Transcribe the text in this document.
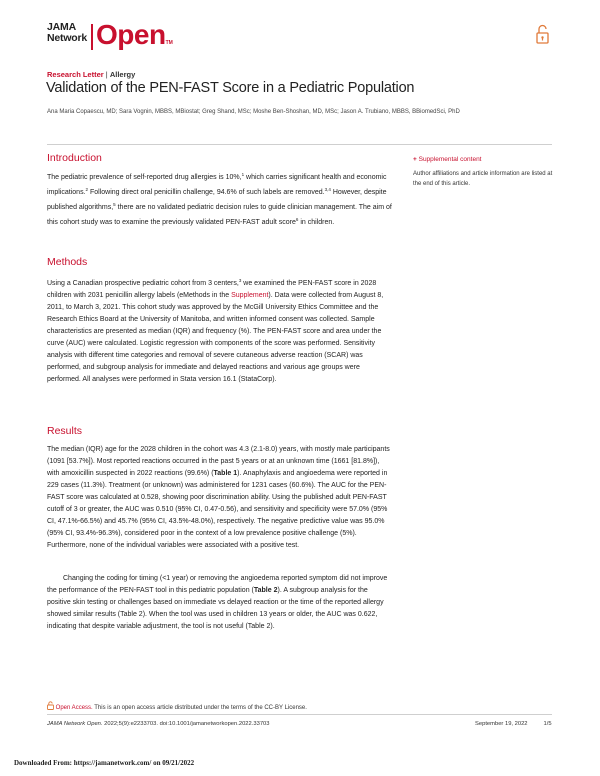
JAMA
Network OpenTM
Research Letter | Allergy
Validation of the PEN-FAST Score in a Pediatric Population
Ana Maria Copaescu, MD; Sara Vognin, MBBS, MBiostat; Greg Shand, MSc; Moshe Ben-Shoshan, MD, MSc; Jason A. Trubiano, MBBS, BBiomedSci, PhD
Introduction
The pediatric prevalence of self-reported drug allergies is 10%,$^1$ which carries significant health and economic implications.$^2$ Following direct oral penicillin challenge, 94.6% of such labels are removed.$^{3,4}$ However, despite published algorithms,$^5$ there are no validated pediatric decision rules to guide clinician management. The aim of this cohort study was to examine the previously validated PEN-FAST adult score$^6$ in children.
+ Supplemental content
Author affiliations and article information are listed at the end of this article.
Methods
Using a Canadian prospective pediatric cohort from 3 centers,$^3$ we examined the PEN-FAST score in 2028 children with 2031 penicillin allergy labels (eMethods in the Supplement). Data were collected from August 8, 2011, to March 3, 2021. This cohort study was approved by the McGill University Ethics Committee and the Research Ethics Board at the University of Manitoba, and written informed consent was collected. Sample characteristics are presented as median (IQR) and frequency (%). The PEN-FAST score and area under the curve (AUC) were calculated. Logistic regression with components of the score was performed. Sensitivity analysis with different time categories and removal of severe cutaneous adverse reaction (SCAR) was performed, and subgroup analysis for immediate and delayed reactions and various age groups were performed. All analyses were performed in Stata version 16.1 (StataCorp).
Results
The median (IQR) age for the 2028 children in the cohort was 4.3 (2.1-8.0) years, with mostly male participants (1091 [53.7%]). Most reported reactions occurred in the past 5 years or at an unknown time (1661 [81.8%]), with amoxicillin suspected in 2022 reactions (99.6%) (Table 1). Anaphylaxis and angioedema were reported in 229 cases (11.3%). Treatment (or unknown) was administered for 1231 cases (60.6%). The AUC for the PEN-FAST score was calculated at 0.528, showing poor discrimination ability. Using the published adult PEN-FAST cutoff of 3 or greater, the AUC was 0.510 (95% CI, 0.47-0.56), and sensitivity and specificity were 57.0% (95% CI, 47.1%-66.5%) and 45.7% (95% CI, 43.5%-48.0%), respectively. The negative predictive value was 95.0% (95% CI, 93.4%-96.3%), considered poor in the context of a low prevalence positive challenge (5%). Furthermore, none of the individual variables were associated with a positive test.
Changing the coding for timing (<1 year) or removing the angioedema reported symptom did not improve the performance of the PEN-FAST tool in this pediatric population (Table 2). A subgroup analysis for the positive skin testing or challenges based on immediate vs delayed reaction or the time of the reported allergy showed similar results (Table 2). When the tool was used in children 13 years or older, the AUC was 0.622, indicating that despite variable adjustment, the tool is not useful (Table 2).
Open Access. This is an open access article distributed under the terms of the CC-BY License.
JAMA Network Open. 2022;5(9):e2233703. doi:10.1001/jamanetworkopen.2022.33703	September 19, 2022	1/5
Downloaded From: https://jamanetwork.com/ on 09/21/2022
